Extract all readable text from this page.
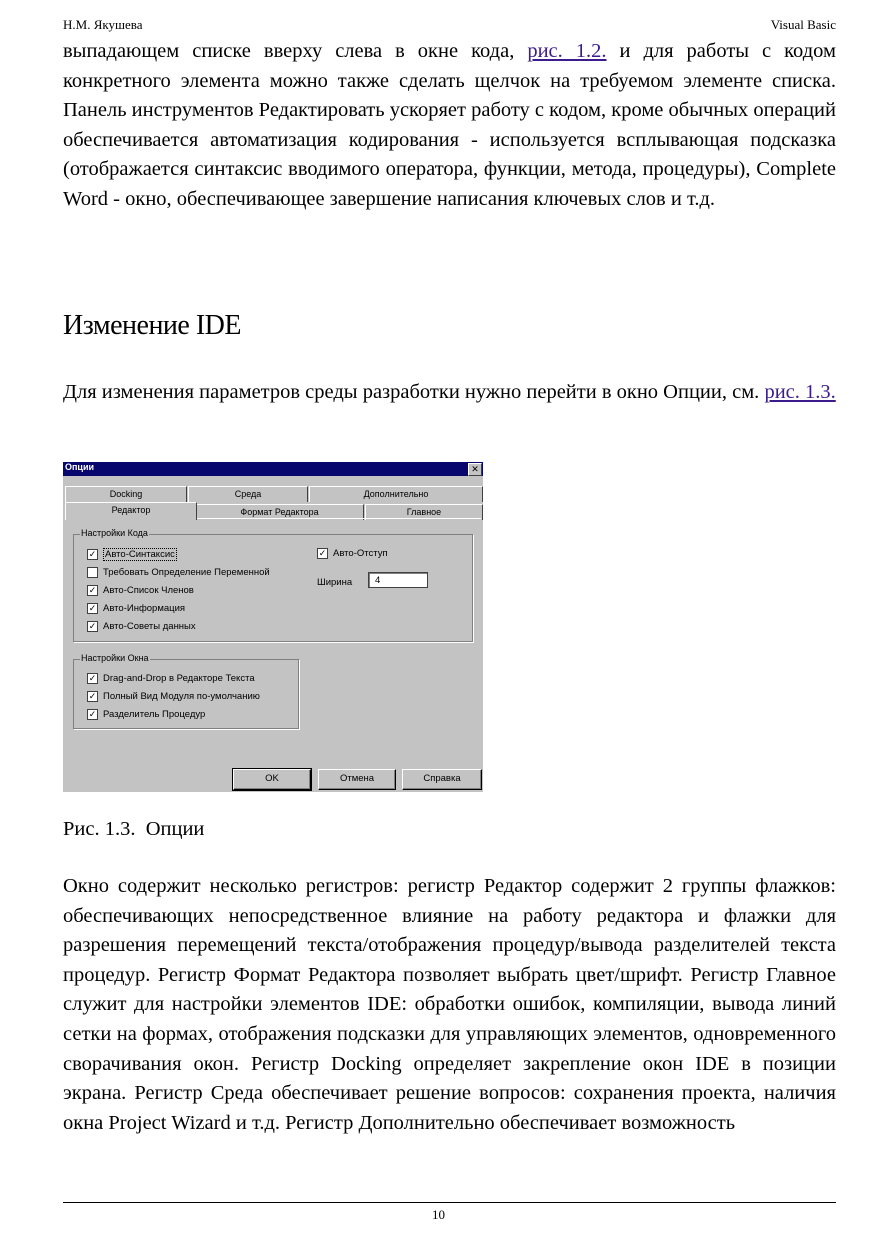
Н.М. Якушева	Visual Basic

выпадающем списке вверху слева в окне кода, рис. 1.2. и для работы с кодом конкретного элемента можно также сделать щелчок на требуемом элементе списка. Панель инструментов Редактировать ускоряет работу с кодом, кроме обычных операций обеспечивается автоматизация кодирования - используется всплывающая подсказка (отображается синтаксис вводимого оператора, функции, метода, процедуры), Complete Word - окно, обеспечивающее завершение написания ключевых слов и т.д.

Изменение IDE

Для изменения параметров среды разработки нужно перейти в окно Опции, см. рис. 1.3.

Опции	✕
Docking	Среда	Дополнительно
Редактор	Формат Редактора	Главное
Настройки Кода
✓ Авто-Синтаксис
Требовать Определение Переменной
✓ Авто-Список Членов
✓ Авто-Информация
✓ Авто-Советы данных
✓ Авто-Отступ
Ширина	4
Настройки Окна
✓ Drag-and-Drop в Редакторе Текста
✓ Полный Вид Модуля по-умолчанию
✓ Разделитель Процедур
OK	Отмена	Справка

Рис. 1.3.  Опции

Окно содержит несколько регистров: регистр Редактор содержит 2 группы флажков: обеспечивающих непосредственное влияние на работу редактора и флажки для разрешения перемещений текста/отображения процедур/вывода разделителей текста процедур. Регистр Формат Редактора позволяет выбрать цвет/шрифт. Регистр Главное служит для настройки элементов IDE: обработки ошибок, компиляции, вывода линий сетки на формах, отображения подсказки для управляющих элементов, одновременного сворачивания окон. Регистр Docking определяет закрепление окон IDE в позиции экрана. Регистр Среда обеспечивает решение вопросов: сохранения проекта, наличия окна Project Wizard и т.д. Регистр Дополнительно обеспечивает возможность

10
